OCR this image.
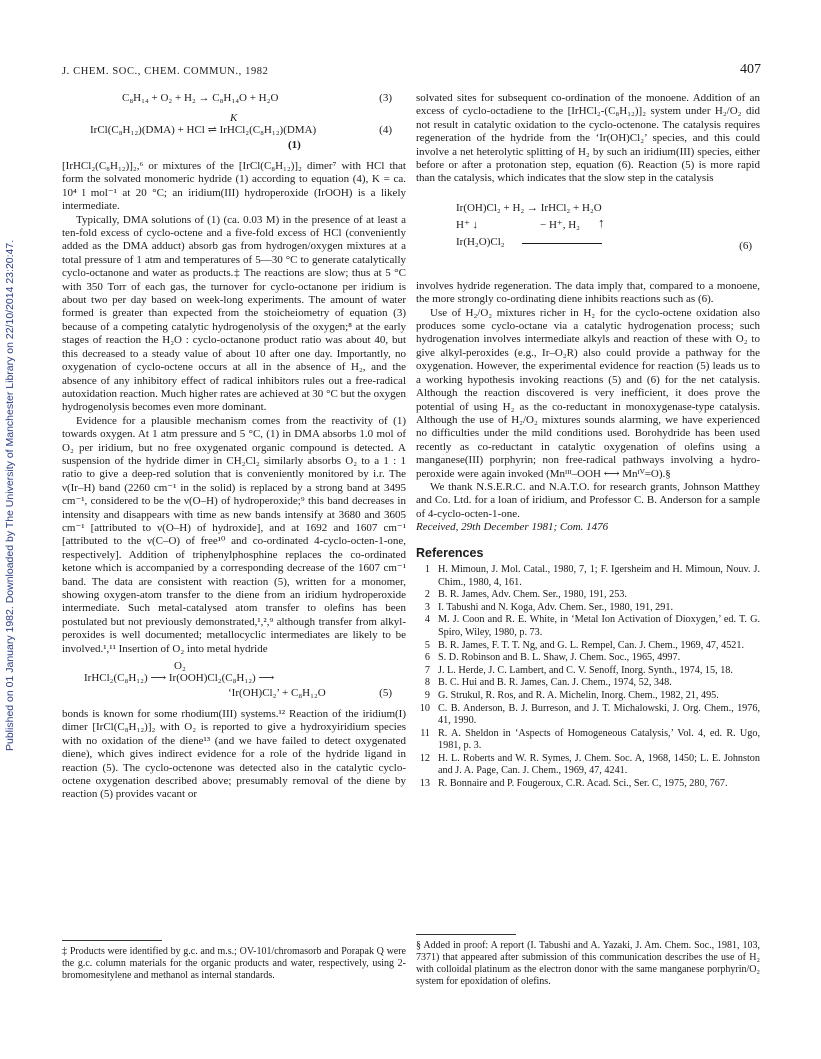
Published on 01 January 1982. Downloaded by The University of Manchester Library on 22/10/2014 23:20:47.
J. CHEM. SOC., CHEM. COMMUN., 1982	407
C₈H₁₄ + O₂ + H₂ → C₈H₁₄O + H₂O	(3)
K
IrCl(C₈H₁₂)(DMA) + HCl ⇌ IrHCl₂(C₈H₁₂)(DMA)	(4)
(1)

[IrHCl₂(C₈H₁₂)]₂,⁶ or mixtures of the [IrCl(C₈H₁₂)]₂ dimer⁷ with HCl that form the solvated monomeric hydride (1) according to equation (4), K = ca. 10⁴ l mol⁻¹ at 20 °C; an iridium(III) hydroperoxide (IrOOH) is a likely intermediate.

Typically, DMA solutions of (1) (ca. 0.03 M) in the presence of at least a ten-fold excess of cyclo-octene and a five-fold excess of HCl (conveniently added as the DMA adduct) absorb gas from hydrogen/oxygen mixtures at a total pressure of 1 atm and temperatures of 5—30 °C to generate catalytically cyclo-octanone and water as products.‡ The reactions are slow; thus at 5 °C with 350 Torr of each gas, the turnover for cyclo-octanone per iridium is about two per day based on week-long experiments. The amount of water formed is greater than expected from the stoicheiometry of equation (3) because of a competing catalytic hydrogenolysis of the oxygen;⁸ at the early stages of reaction the H₂O : cyclo-octanone product ratio was about 40, but this decreased to a steady value of about 10 after one day. Importantly, no oxygenation of cyclo-octene occurs at all in the absence of H₂, and the absence of any inhibitory effect of radical inhibitors rules out a free-radical autoxidation reaction. Much higher rates are achieved at 30 °C but the oxygen hydrogenolysis becomes even more dominant.

Evidence for a plausible mechanism comes from the reactivity of (1) towards oxygen. At 1 atm pressure and 5 °C, (1) in DMA absorbs 1.0 mol of O₂ per iridium, but no free oxygenated organic compound is detected. A suspension of the hydride dimer in CH₂Cl₂ similarly absorbs O₂ to a 1 : 1 ratio to give a deep-red solution that is conveniently monitored by i.r. The ν(Ir–H) band (2260 cm⁻¹ in the solid) is replaced by a strong band at 3495 cm⁻¹, considered to be the ν(O–H) of hydroperoxide;⁹ this band decreases in intensity and disappears with time as new bands intensify at 3680 and 3605 cm⁻¹ [attributed to ν(O–H) of hydroxide], and at 1692 and 1607 cm⁻¹ [attributed to the ν(C–O) of free¹⁰ and co-ordinated 4-cyclo-octen-1-one, respectively]. Addition of triphenylphosphine replaces the co-ordinated ketone which is accompanied by a corresponding decrease of the 1607 cm⁻¹ band. The data are consistent with reaction (5), written for a monomer, showing oxygen-atom transfer to the diene from an iridium hydroperoxide intermediate. Such metal-catalysed atom transfer to olefins has been postulated but not previously demonstrated,¹,²,⁹ although transfer from alkyl-peroxides is well documented; metallocyclic intermediates are likely to be involved.¹,¹¹ Insertion of O₂ into metal hydride

O₂
IrHCl₂(C₈H₁₂) ⟶ Ir(OOH)Cl₂(C₈H₁₂) ⟶
‘Ir(OH)Cl₂’ + C₈H₁₂O	(5)

bonds is known for some rhodium(III) systems.¹² Reaction of the iridium(I) dimer [IrCl(C₈H₁₂)]₂ with O₂ is reported to give a hydroxyiridium species with no oxidation of the diene¹³ (and we have failed to detect oxygenated diene), which gives indirect evidence for a role of the hydride ligand in reaction (5). The cyclo-octenone was detected also in the catalytic cyclo-octene oxygenation described above; presumably removal of the diene by reaction (5) provides vacant or

‡ Products were identified by g.c. and m.s.; OV-101/chromasorb and Porapak Q were the g.c. column materials for the organic products and water, respectively, using 2-bromomesitylene and methanol as internal standards.

solvated sites for subsequent co-ordination of the monoene. Addition of an excess of cyclo-octadiene to the [IrHCl₂-(C₈H₁₂)]₂ system under H₂/O₂ did not result in catalytic oxidation to the cyclo-octenone. The catalysis requires regeneration of the hydride from the ‘Ir(OH)Cl₂’ species, and this could involve a net heterolytic splitting of H₂ by such an iridium(III) species, either before or after a protonation step, equation (6). Reaction (5) is more rapid than the catalysis, which indicates that the slow step in the catalysis

Ir(OH)Cl₂ + H₂ → IrHCl₂ + H₂O
H⁺ ↓	− H⁺, H₂ ↑
Ir(H₂O)Cl₂	(6)

involves hydride regeneration. The data imply that, compared to a monoene, the more strongly co-ordinating diene inhibits reactions such as (6).

Use of H₂/O₂ mixtures richer in H₂ for the cyclo-octene oxidation also produces some cyclo-octane via a catalytic hydrogenation process; such hydrogenation involves intermediate alkyls and reaction of these with O₂ to give alkyl-peroxides (e.g., Ir–O₂R) also could provide a pathway for the oxygenation. However, the experimental evidence for reaction (5) leads us to a working hypothesis invoking reactions (5) and (6) for the net catalysis. Although the reaction discovered is very inefficient, it does prove the potential of using H₂ as the co-reductant in monoxygenase-type catalysis. Although the use of H₂/O₂ mixtures sounds alarming, we have experienced no difficulties under the mild conditions used. Borohydride has been used recently as co-reductant in catalytic oxygenation of olefins using a manganese(III) porphyrin; non free-radical pathways involving a hydro-peroxide were again invoked (Mnᴵᴵᴵ–OOH ⟷ Mnᴵⱽ=O).§

We thank N.S.E.R.C. and N.A.T.O. for research grants, Johnson Matthey and Co. Ltd. for a loan of iridium, and Professor C. B. Anderson for a sample of 4-cyclo-octen-1-one.

Received, 29th December 1981; Com. 1476

References

1 H. Mimoun, J. Mol. Catal., 1980, 7, 1; F. Igersheim and H. Mimoun, Nouv. J. Chim., 1980, 4, 161.

2 B. R. James, Adv. Chem. Ser., 1980, 191, 253.

3 I. Tabushi and N. Koga, Adv. Chem. Ser., 1980, 191, 291.

4 M. J. Coon and R. E. White, in ‘Metal Ion Activation of Dioxygen,’ ed. T. G. Spiro, Wiley, 1980, p. 73.

5 B. R. James, F. T. T. Ng, and G. L. Rempel, Can. J. Chem., 1969, 47, 4521.

6 S. D. Robinson and B. L. Shaw, J. Chem. Soc., 1965, 4997.

7 J. L. Herde, J. C. Lambert, and C. V. Senoff, Inorg. Synth., 1974, 15, 18.

8 B. C. Hui and B. R. James, Can. J. Chem., 1974, 52, 348.

9 G. Strukul, R. Ros, and R. A. Michelin, Inorg. Chem., 1982, 21, 495.

10 C. B. Anderson, B. J. Burreson, and J. T. Michalowski, J. Org. Chem., 1976, 41, 1990.

11 R. A. Sheldon in ‘Aspects of Homogeneous Catalysis,’ Vol. 4, ed. R. Ugo, 1981, p. 3.

12 H. L. Roberts and W. R. Symes, J. Chem. Soc. A, 1968, 1450; L. E. Johnston and J. A. Page, Can. J. Chem., 1969, 47, 4241.

13 R. Bonnaire and P. Fougeroux, C.R. Acad. Sci., Ser. C, 1975, 280, 767.

§ Added in proof: A report (I. Tabushi and A. Yazaki, J. Am. Chem. Soc., 1981, 103, 7371) that appeared after submission of this communication describes the use of H₂ with colloidal platinum as the electron donor with the same manganese porphyrin/O₂ system for epoxidation of olefins.
